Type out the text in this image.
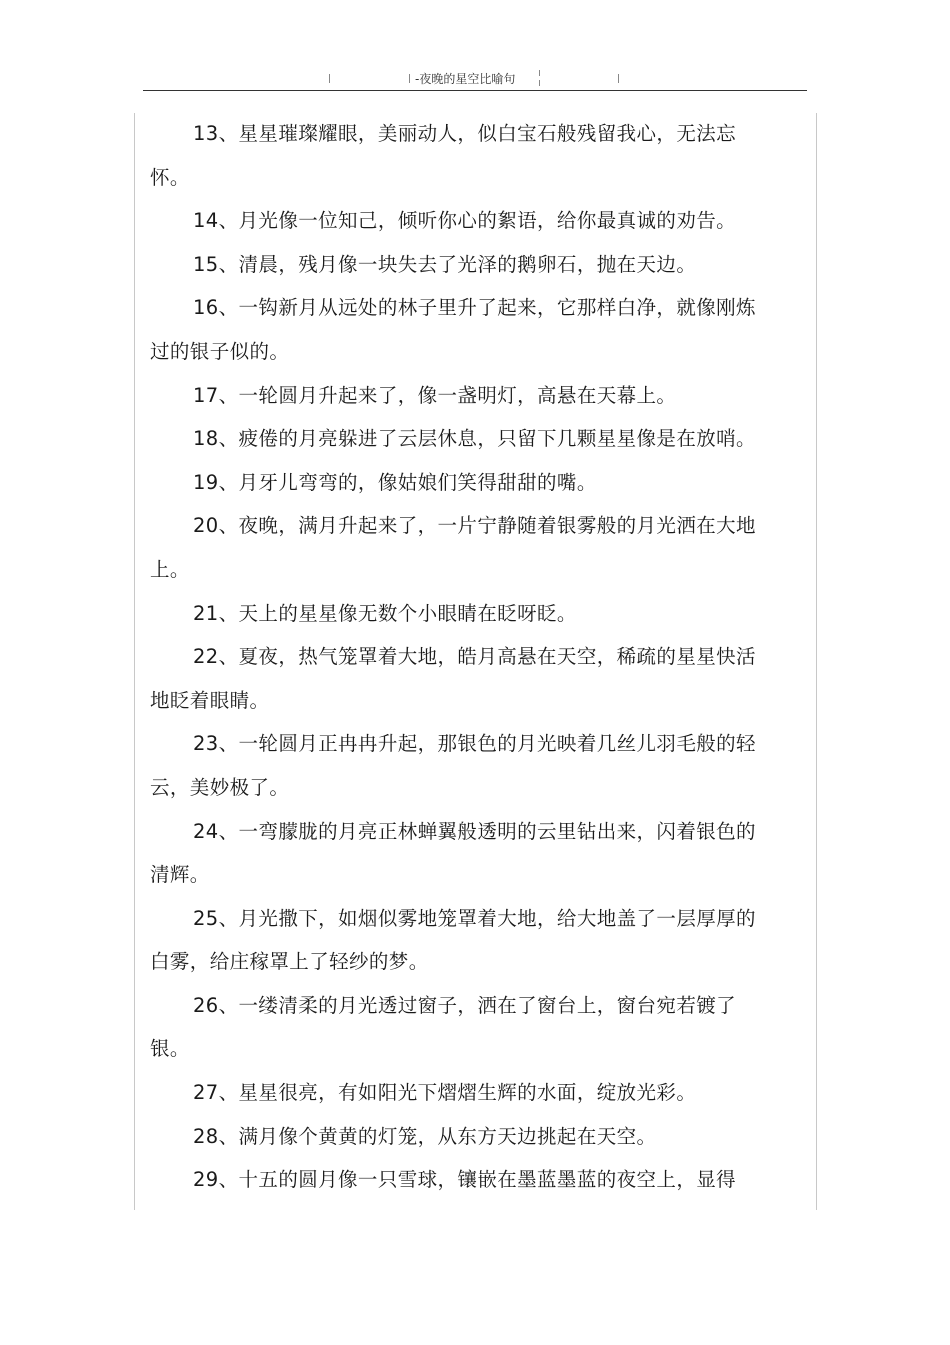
-夜晚的星空比喻句

13、星星璀璨耀眼，美丽动人，似白宝石般残留我心，无法忘怀。

14、月光像一位知己，倾听你心的絮语，给你最真诚的劝告。

15、清晨，残月像一块失去了光泽的鹅卵石，抛在天边。

16、一钩新月从远处的林子里升了起来，它那样白净，就像刚炼过的银子似的。

17、一轮圆月升起来了，像一盏明灯，高悬在天幕上。

18、疲倦的月亮躲进了云层休息，只留下几颗星星像是在放哨。

19、月牙儿弯弯的，像姑娘们笑得甜甜的嘴。

20、夜晚，满月升起来了，一片宁静随着银雾般的月光洒在大地上。

21、天上的星星像无数个小眼睛在眨呀眨。

22、夏夜，热气笼罩着大地，皓月高悬在天空，稀疏的星星快活地眨着眼睛。

23、一轮圆月正冉冉升起，那银色的月光映着几丝儿羽毛般的轻云，美妙极了。

24、一弯朦胧的月亮正林蝉翼般透明的云里钻出来，闪着银色的清辉。

25、月光撒下，如烟似雾地笼罩着大地，给大地盖了一层厚厚的白雾，给庄稼罩上了轻纱的梦。

26、一缕清柔的月光透过窗子，洒在了窗台上，窗台宛若镀了银。

27、星星很亮，有如阳光下熠熠生辉的水面，绽放光彩。

28、满月像个黄黄的灯笼，从东方天边挑起在天空。

29、十五的圆月像一只雪球，镶嵌在墨蓝墨蓝的夜空上，显得
